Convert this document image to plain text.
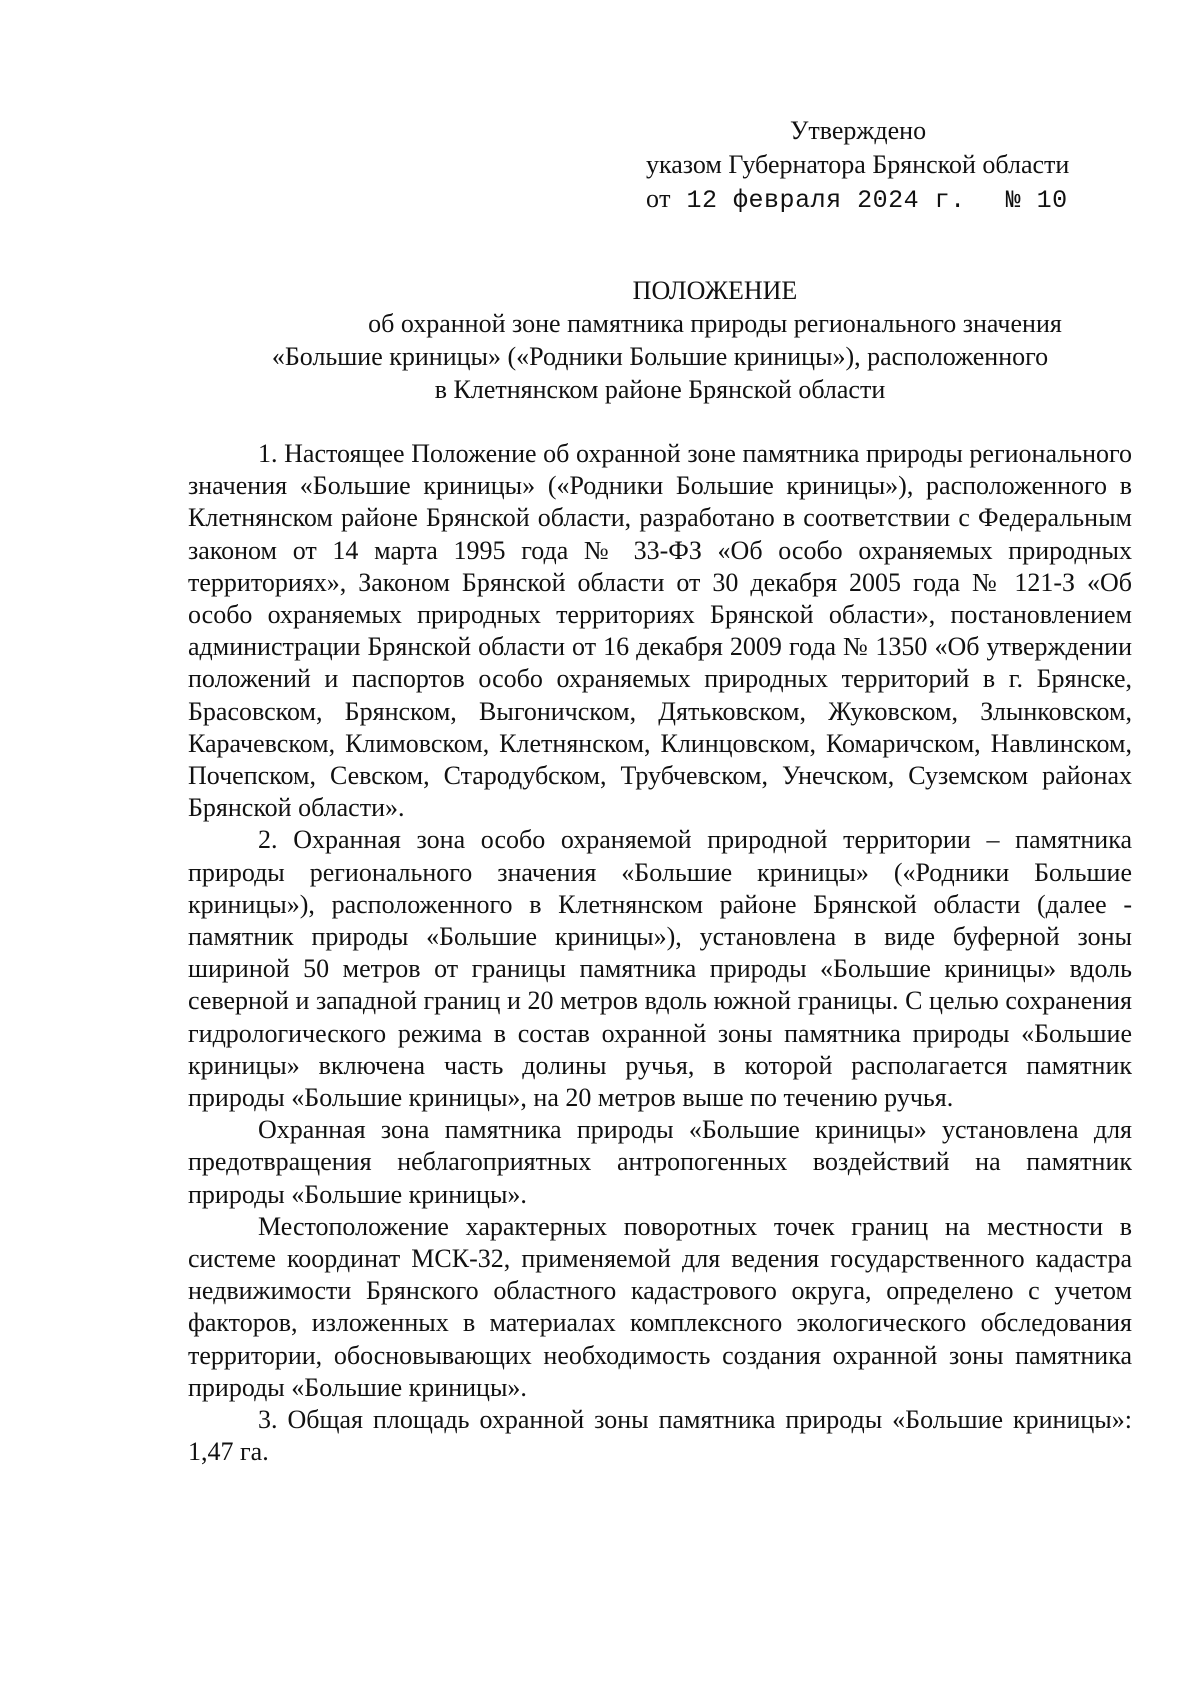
Утверждено
указом Губернатора Брянской области
от 12 февраля 2024 г. № 10
ПОЛОЖЕНИЕ
об охранной зоне памятника природы регионального значения
«Большие криницы» («Родники Большие криницы»), расположенного
в Клетнянском районе Брянской области

1. Настоящее Положение об охранной зоне памятника природы регионального значения «Большие криницы» («Родники Большие криницы»), расположенного в Клетнянском районе Брянской области, разработано в соответствии с Федеральным законом от 14 марта 1995 года № 33-ФЗ «Об особо охраняемых природных территориях», Законом Брянской области от 30 декабря 2005 года № 121-З «Об особо охраняемых природных территориях Брянской области», постановлением администрации Брянской области от 16 декабря 2009 года № 1350 «Об утверждении положений и паспортов особо охраняемых природных территорий в г. Брянске, Брасовском, Брянском, Выгоничском, Дятьковском, Жуковском, Злынковском, Карачевском, Климовском, Клетнянском, Клинцовском, Комаричском, Навлинском, Почепском, Севском, Стародубском, Трубчевском, Унечском, Суземском районах Брянской области».

2. Охранная зона особо охраняемой природной территории – памятника природы регионального значения «Большие криницы» («Родники Большие криницы»), расположенного в Клетнянском районе Брянской области (далее - памятник природы «Большие криницы»), установлена в виде буферной зоны шириной 50 метров от границы памятника природы «Большие криницы» вдоль северной и западной границ и 20 метров вдоль южной границы. С целью сохранения гидрологического режима в состав охранной зоны памятника природы «Большие криницы» включена часть долины ручья, в которой располагается памятник природы «Большие криницы», на 20 метров выше по течению ручья.

Охранная зона памятника природы «Большие криницы» установлена для предотвращения неблагоприятных антропогенных воздействий на памятник природы «Большие криницы».

Местоположение характерных поворотных точек границ на местности в системе координат МСК-32, применяемой для ведения государственного кадастра недвижимости Брянского областного кадастрового округа, определено с учетом факторов, изложенных в материалах комплексного экологического обследования территории, обосновывающих необходимость создания охранной зоны памятника природы «Большие криницы».

3. Общая площадь охранной зоны памятника природы «Большие криницы»: 1,47 га.
